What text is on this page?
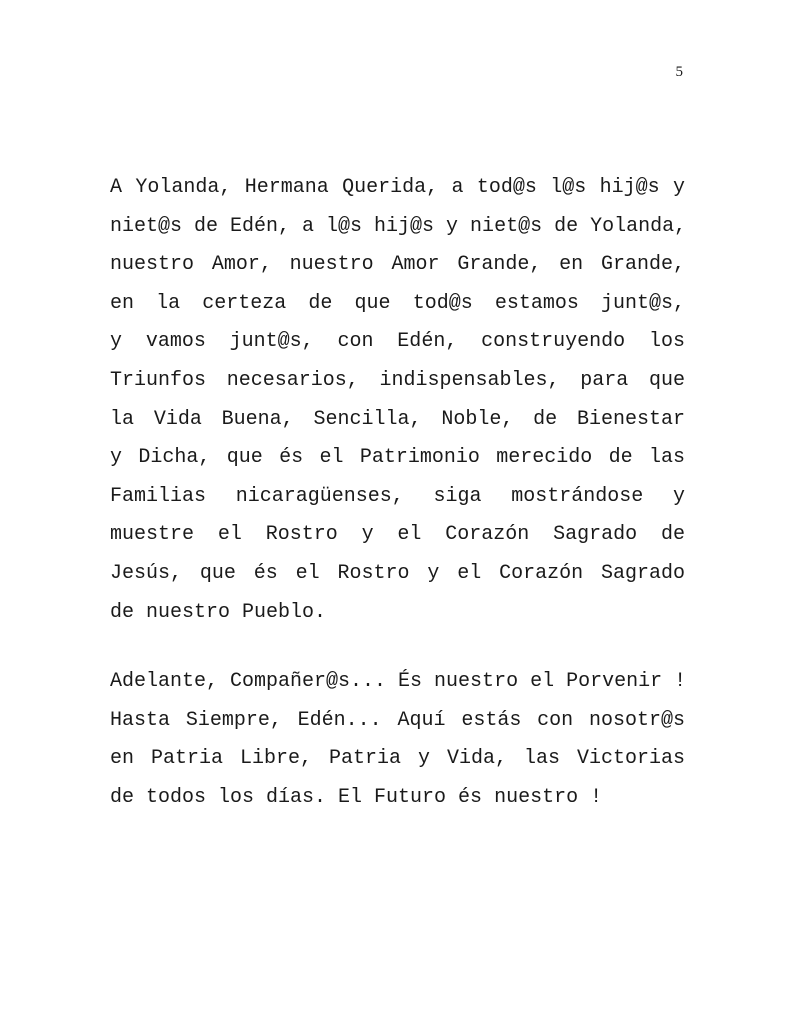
5

A Yolanda, Hermana Querida, a tod@s l@s hij@s y
niet@s de Edén, a l@s hij@s y niet@s de Yolanda,
nuestro Amor, nuestro Amor Grande, en Grande,
en la certeza de que tod@s estamos junt@s,
y vamos junt@s, con Edén, construyendo los
Triunfos necesarios, indispensables, para que
la Vida Buena, Sencilla, Noble, de Bienestar
y Dicha, que és el Patrimonio merecido de las
Familias nicaragüenses, siga mostrándose y
muestre el Rostro y el Corazón Sagrado de
Jesús, que és el Rostro y el Corazón Sagrado
de nuestro Pueblo.
Adelante, Compañer@s... És nuestro el Porvenir !
Hasta Siempre, Edén... Aquí estás con nosotr@s
en Patria Libre, Patria y Vida, las Victorias
de todos los días. El Futuro és nuestro !
